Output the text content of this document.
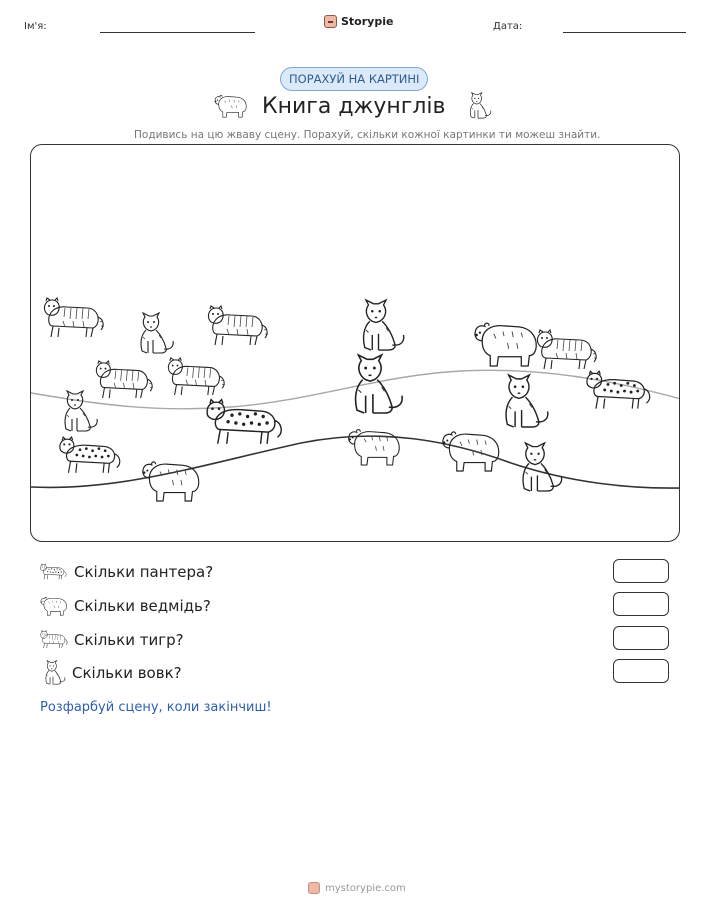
Ім'я:	Storypie	Дата:
ПОРАХУЙ НА КАРТИНІ
Книга джунглів
Подивись на цю жваву сцену. Порахуй, скільки кожної картинки ти можеш знайти.
Скільки пантера?
Скільки ведмідь?
Скільки тигр?
Скільки вовк?
Розфарбуй сцену, коли закінчиш!
mystorypie.com
